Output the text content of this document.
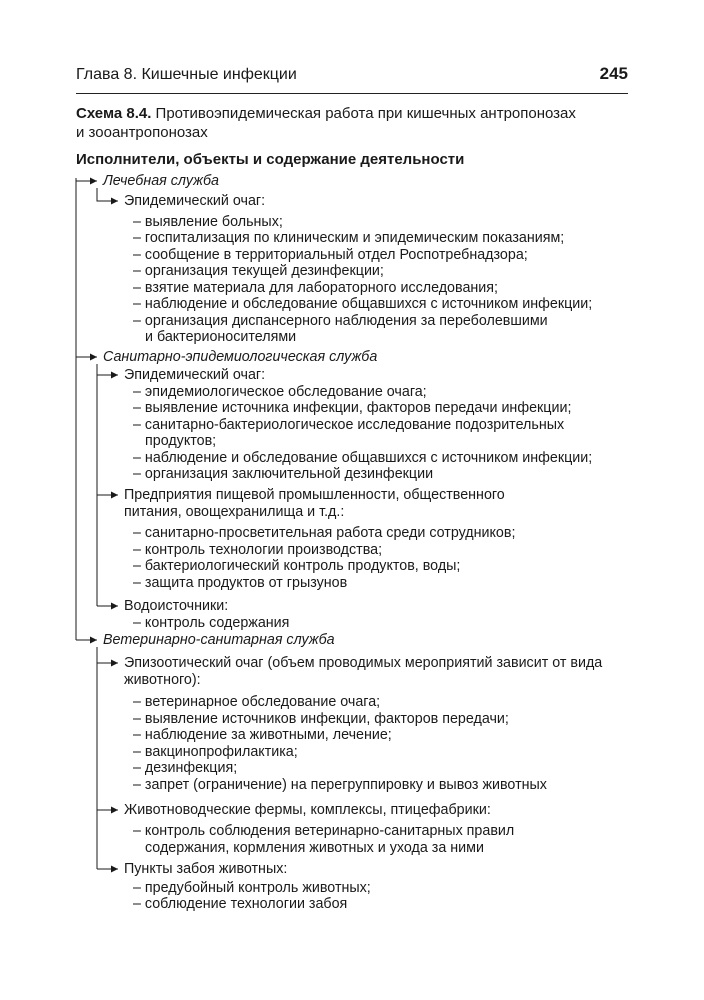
Глава 8. Кишечные инфекции	245
Схема 8.4. Противоэпидемическая работа при кишечных антропонозах
и зооантропонозах
Исполнители, объекты и содержание деятельности
Лечебная служба
Эпидемический очаг:
– выявление больных;
– госпитализация по клиническим и эпидемическим показаниям;
– сообщение в территориальный отдел Роспотребнадзора;
– организация текущей дезинфекции;
– взятие материала для лабораторного исследования;
– наблюдение и обследование общавшихся с источником инфекции;
– организация диспансерного наблюдения за переболевшими
и бактерионосителями
Санитарно-эпидемиологическая служба
Эпидемический очаг:
– эпидемиологическое обследование очага;
– выявление источника инфекции, факторов передачи инфекции;
– санитарно-бактериологическое исследование подозрительных
продуктов;
– наблюдение и обследование общавшихся с источником инфекции;
– организация заключительной дезинфекции
Предприятия пищевой промышленности, общественного
питания, овощехранилища и т.д.:
– санитарно-просветительная работа среди сотрудников;
– контроль технологии производства;
– бактериологический контроль продуктов, воды;
– защита продуктов от грызунов
Водоисточники:
– контроль содержания
Ветеринарно-санитарная служба
Эпизоотический очаг (объем проводимых мероприятий зависит от вида
животного):
– ветеринарное обследование очага;
– выявление источников инфекции, факторов передачи;
– наблюдение за животными, лечение;
– вакцинопрофилактика;
– дезинфекция;
– запрет (ограничение) на перегруппировку и вывоз животных
Животноводческие фермы, комплексы, птицефабрики:
– контроль соблюдения ветеринарно-санитарных правил
содержания, кормления животных и ухода за ними
Пункты забоя животных:
– предубойный контроль животных;
– соблюдение технологии забоя
